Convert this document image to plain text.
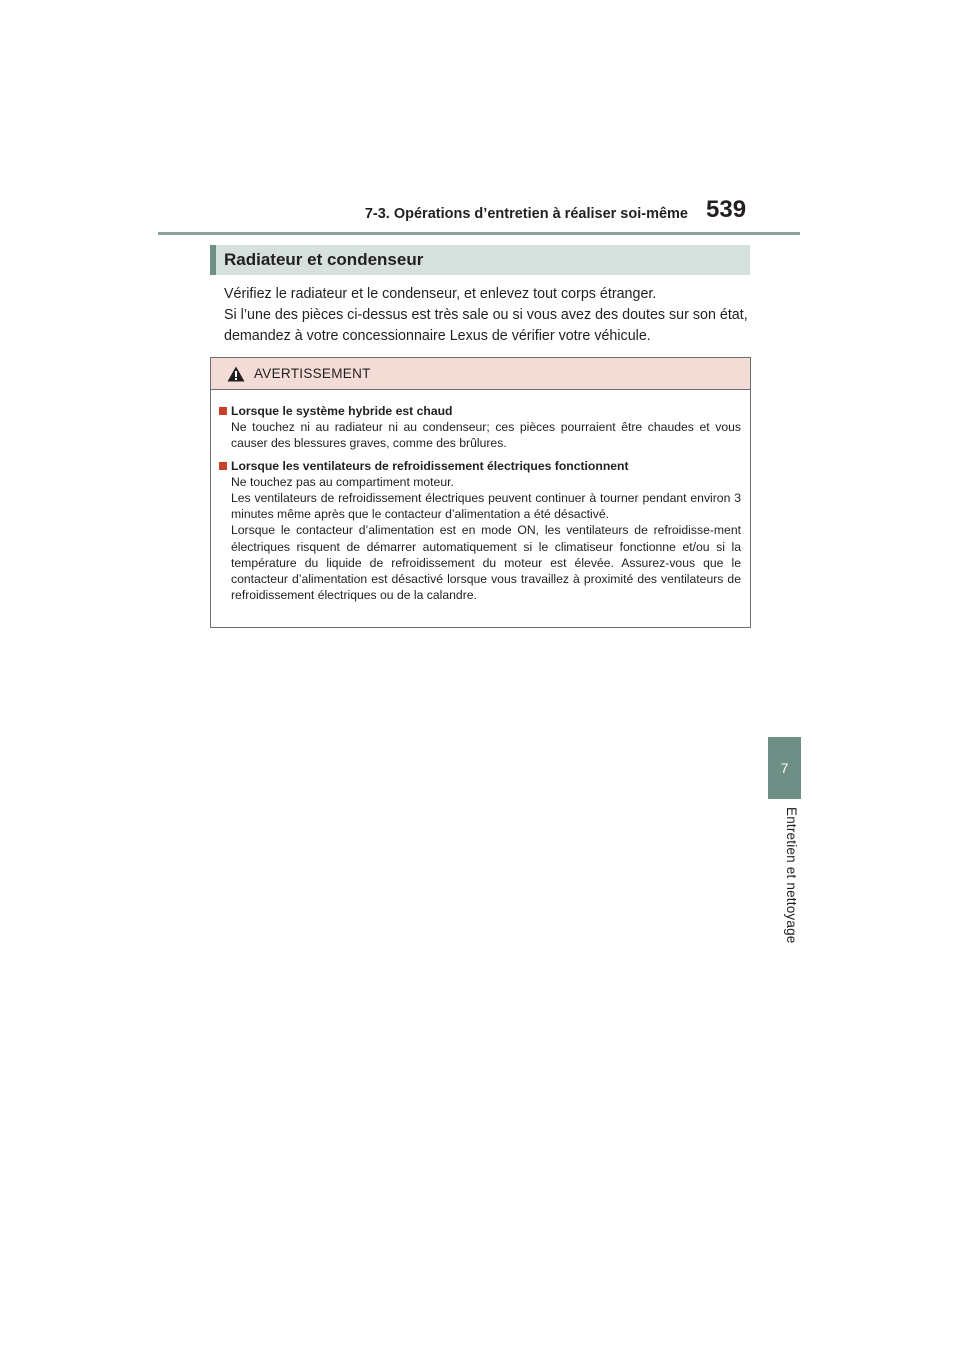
7-3. Opérations d’entretien à réaliser soi-même 539
7
Entretien et nettoyage
Radiateur et condenseur

Vérifiez le radiateur et le condenseur, et enlevez tout corps étranger.

Si l’une des pièces ci-dessus est très sale ou si vous avez des doutes sur son état, demandez à votre concessionnaire Lexus de vérifier votre véhicule.

AVERTISSEMENT
Lorsque le système hybride est chaud
Ne touchez ni au radiateur ni au condenseur; ces pièces pourraient être chaudes et vous causer des blessures graves, comme des brûlures.
Lorsque les ventilateurs de refroidissement électriques fonctionnent
Ne touchez pas au compartiment moteur.
Les ventilateurs de refroidissement électriques peuvent continuer à tourner pendant environ 3 minutes même après que le contacteur d’alimentation a été désactivé.
Lorsque le contacteur d’alimentation est en mode ON, les ventilateurs de refroidisse-ment électriques risquent de démarrer automatiquement si le climatiseur fonctionne et/ou si la température du liquide de refroidissement du moteur est élevée. Assurez-vous que le contacteur d’alimentation est désactivé lorsque vous travaillez à proximité des ventilateurs de refroidissement électriques ou de la calandre.
